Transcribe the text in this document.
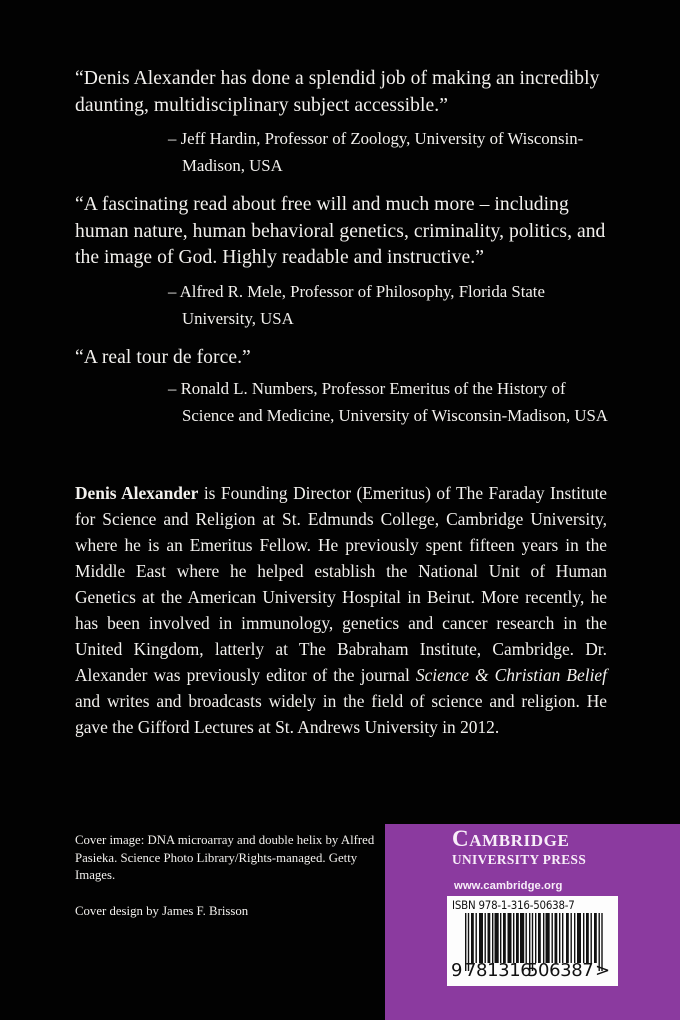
“Denis Alexander has done a splendid job of making an incredibly daunting, multidisciplinary subject accessible.”

– Jeff Hardin, Professor of Zoology, University of Wisconsin-Madison, USA

“A fascinating read about free will and much more – including human nature, human behavioral genetics, criminality, politics, and the image of God. Highly readable and instructive.”

– Alfred R. Mele, Professor of Philosophy, Florida State University, USA

“A real tour de force.”

– Ronald L. Numbers, Professor Emeritus of the History of Science and Medicine, University of Wisconsin-Madison, USA

Denis Alexander is Founding Director (Emeritus) of The Faraday Institute for Science and Religion at St. Edmunds College, Cambridge University, where he is an Emeritus Fellow. He previously spent fifteen years in the Middle East where he helped establish the National Unit of Human Genetics at the American University Hospital in Beirut. More recently, he has been involved in immunology, genetics and cancer research in the United Kingdom, latterly at The Babraham Institute, Cambridge. Dr. Alexander was previously editor of the journal Science & Christian Belief and writes and broadcasts widely in the field of science and religion. He gave the Gifford Lectures at St. Andrews University in 2012.

Cover image: DNA microarray and double helix by Alfred Pasieka. Science Photo Library/Rights-managed. Getty Images.

Cover design by James F. Brisson

CAMBRIDGE
UNIVERSITY PRESS
www.cambridge.org
ISBN 978-1-316-50638-7
9 781316506387>
